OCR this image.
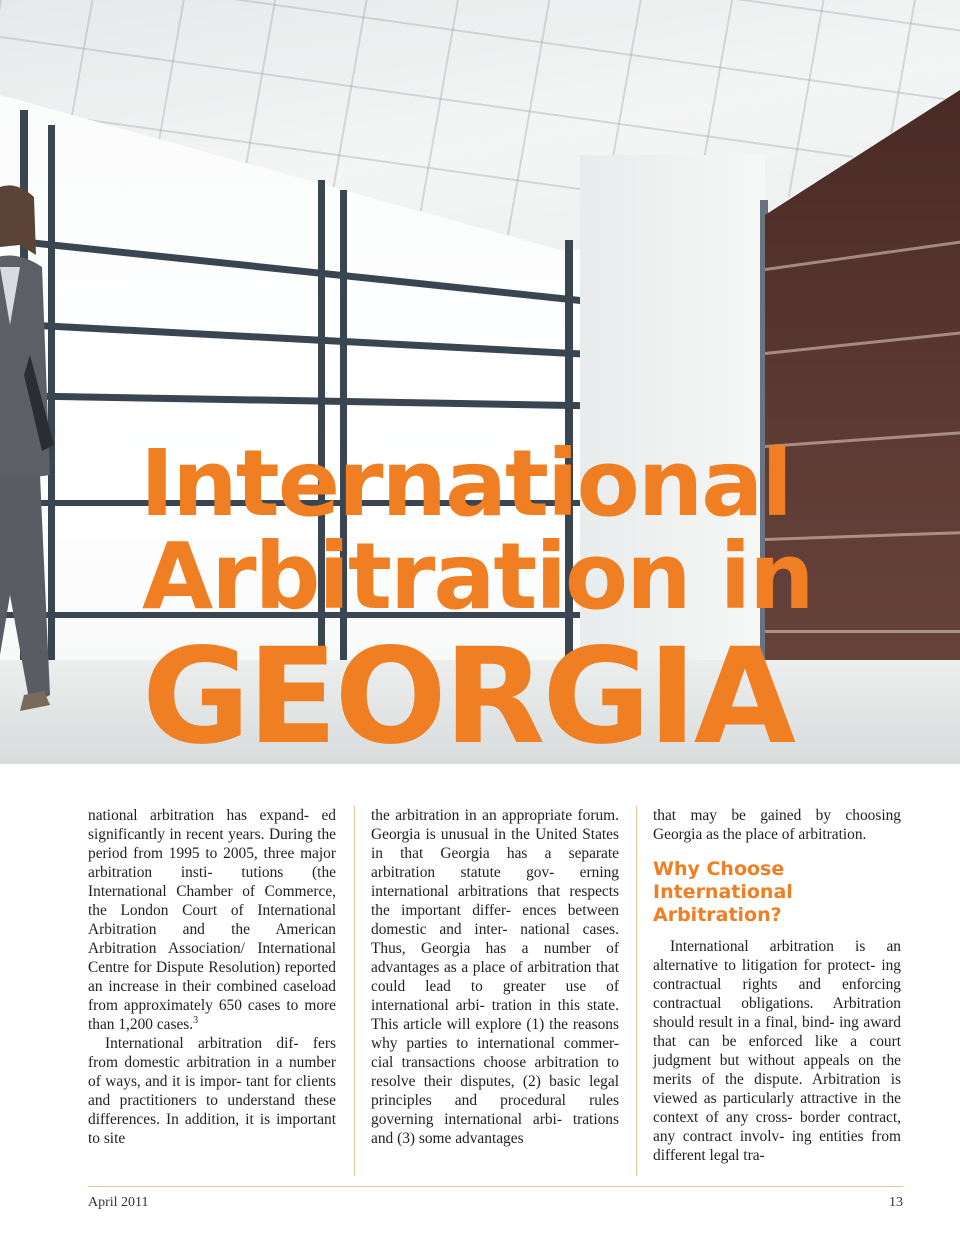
International
Arbitration in
GEORGIA

national arbitration has expand- ed significantly in recent years. During the period from 1995 to 2005, three major arbitration insti- tutions (the International Chamber of Commerce, the London Court of International Arbitration and the American Arbitration Association/ International Centre for Dispute Resolution) reported an increase in their combined caseload from approximately 650 cases to more than 1,200 cases.$^3$

International arbitration dif- fers from domestic arbitration in a number of ways, and it is impor- tant for clients and practitioners to understand these differences. In addition, it is important to site

the arbitration in an appropriate forum. Georgia is unusual in the United States in that Georgia has a separate arbitration statute gov- erning international arbitrations that respects the important differ- ences between domestic and inter- national cases. Thus, Georgia has a number of advantages as a place of arbitration that could lead to greater use of international arbi- tration in this state. This article will explore (1) the reasons why parties to international commer- cial transactions choose arbitration to resolve their disputes, (2) basic legal principles and procedural rules governing international arbi- trations and (3) some advantages

that may be gained by choosing Georgia as the place of arbitration.

Why Choose International Arbitration?

International arbitration is an alternative to litigation for protect- ing contractual rights and enforcing contractual obligations. Arbitration should result in a final, bind- ing award that can be enforced like a court judgment but without appeals on the merits of the dispute. Arbitration is viewed as particularly attractive in the context of any cross- border contract, any contract involv- ing entities from different legal tra-

April 2011	13
